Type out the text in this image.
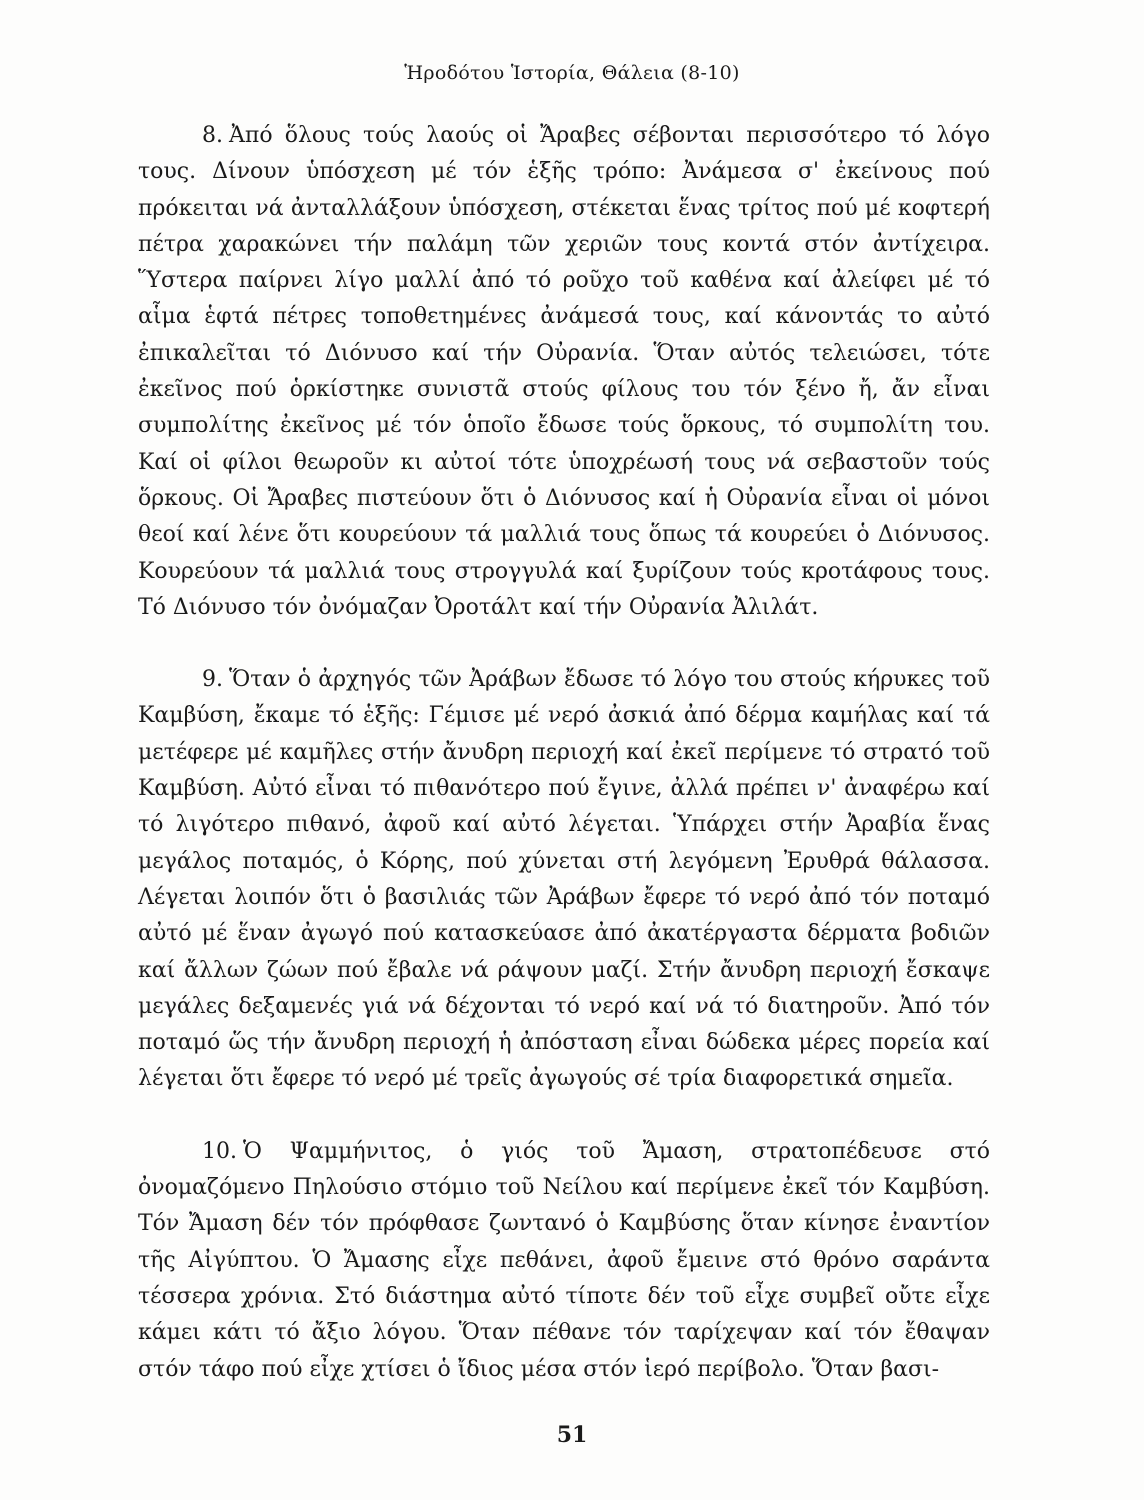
Ἡροδότου Ἱστορία, Θάλεια (8-10)

8. Ἀπό ὅλους τούς λαούς οἱ Ἄραβες σέβονται περισσότερο τό λόγο τους. Δίνουν ὑπόσχεση μέ τόν ἑξῆς τρόπο: Ἀνάμεσα σ' ἐκείνους πού πρόκειται νά ἀνταλλάξουν ὑπόσχεση, στέκεται ἕνας τρίτος πού μέ κοφτερή πέτρα χαρακώνει τήν παλάμη τῶν χεριῶν τους κοντά στόν ἀντίχειρα. Ὕστερα παίρνει λίγο μαλλί ἀπό τό ροῦχο τοῦ καθένα καί ἀλείφει μέ τό αἷμα ἑφτά πέτρες τοποθετημένες ἀνάμεσά τους, καί κάνοντάς το αὐτό ἐπικαλεῖται τό Διόνυσο καί τήν Οὐρανία. Ὅταν αὐτός τελειώσει, τότε ἐκεῖνος πού ὁρκίστηκε συνιστᾶ στούς φίλους του τόν ξένο ἤ, ἄν εἶναι συμπολίτης ἐκεῖνος μέ τόν ὁποῖο ἔδωσε τούς ὅρκους, τό συμπολίτη του. Καί οἱ φίλοι θεωροῦν κι αὐτοί τότε ὑποχρέωσή τους νά σεβαστοῦν τούς ὅρκους. Οἱ Ἄραβες πιστεύουν ὅτι ὁ Διόνυσος καί ἡ Οὐρανία εἶναι οἱ μόνοι θεοί καί λένε ὅτι κουρεύουν τά μαλλιά τους ὅπως τά κουρεύει ὁ Διόνυσος. Κουρεύουν τά μαλλιά τους στρογγυλά καί ξυρίζουν τούς κροτάφους τους. Τό Διόνυσο τόν ὀνόμαζαν Ὀροτάλτ καί τήν Οὐρανία Ἀλιλάτ.

9. Ὅταν ὁ ἀρχηγός τῶν Ἀράβων ἔδωσε τό λόγο του στούς κήρυκες τοῦ Καμβύση, ἔκαμε τό ἑξῆς: Γέμισε μέ νερό ἀσκιά ἀπό δέρμα καμήλας καί τά μετέφερε μέ καμῆλες στήν ἄνυδρη περιοχή καί ἐκεῖ περίμενε τό στρατό τοῦ Καμβύση. Αὐτό εἶναι τό πιθανότερο πού ἔγινε, ἀλλά πρέπει ν' ἀναφέρω καί τό λιγότερο πιθανό, ἀφοῦ καί αὐτό λέγεται. Ὑπάρχει στήν Ἀραβία ἕνας μεγάλος ποταμός, ὁ Κόρης, πού χύνεται στή λεγόμενη Ἐρυθρά θάλασσα. Λέγεται λοιπόν ὅτι ὁ βασιλιάς τῶν Ἀράβων ἔφερε τό νερό ἀπό τόν ποταμό αὐτό μέ ἕναν ἀγωγό πού κατασκεύασε ἀπό ἀκατέργαστα δέρματα βοδιῶν καί ἄλλων ζώων πού ἔβαλε νά ράψουν μαζί. Στήν ἄνυδρη περιοχή ἔσκαψε μεγάλες δεξαμενές γιά νά δέχονται τό νερό καί νά τό διατηροῦν. Ἀπό τόν ποταμό ὥς τήν ἄνυδρη περιοχή ἡ ἀπόσταση εἶναι δώδεκα μέρες πορεία καί λέγεται ὅτι ἔφερε τό νερό μέ τρεῖς ἀγωγούς σέ τρία διαφορετικά σημεῖα.

10. Ὁ Ψαμμήνιτος, ὁ γιός τοῦ Ἄμαση, στρατοπέδευσε στό ὀνομαζόμενο Πηλούσιο στόμιο τοῦ Νείλου καί περίμενε ἐκεῖ τόν Καμβύση. Τόν Ἄμαση δέν τόν πρόφθασε ζωντανό ὁ Καμβύσης ὅταν κίνησε ἐναντίον τῆς Αἰγύπτου. Ὁ Ἄμασης εἶχε πεθάνει, ἀφοῦ ἔμεινε στό θρόνο σαράντα τέσσερα χρόνια. Στό διάστημα αὐτό τίποτε δέν τοῦ εἶχε συμβεῖ οὔτε εἶχε κάμει κάτι τό ἄξιο λόγου. Ὅταν πέθανε τόν ταρίχεψαν καί τόν ἔθαψαν στόν τάφο πού εἶχε χτίσει ὁ ἴδιος μέσα στόν ἱερό περίβολο. Ὅταν βασι-

51
